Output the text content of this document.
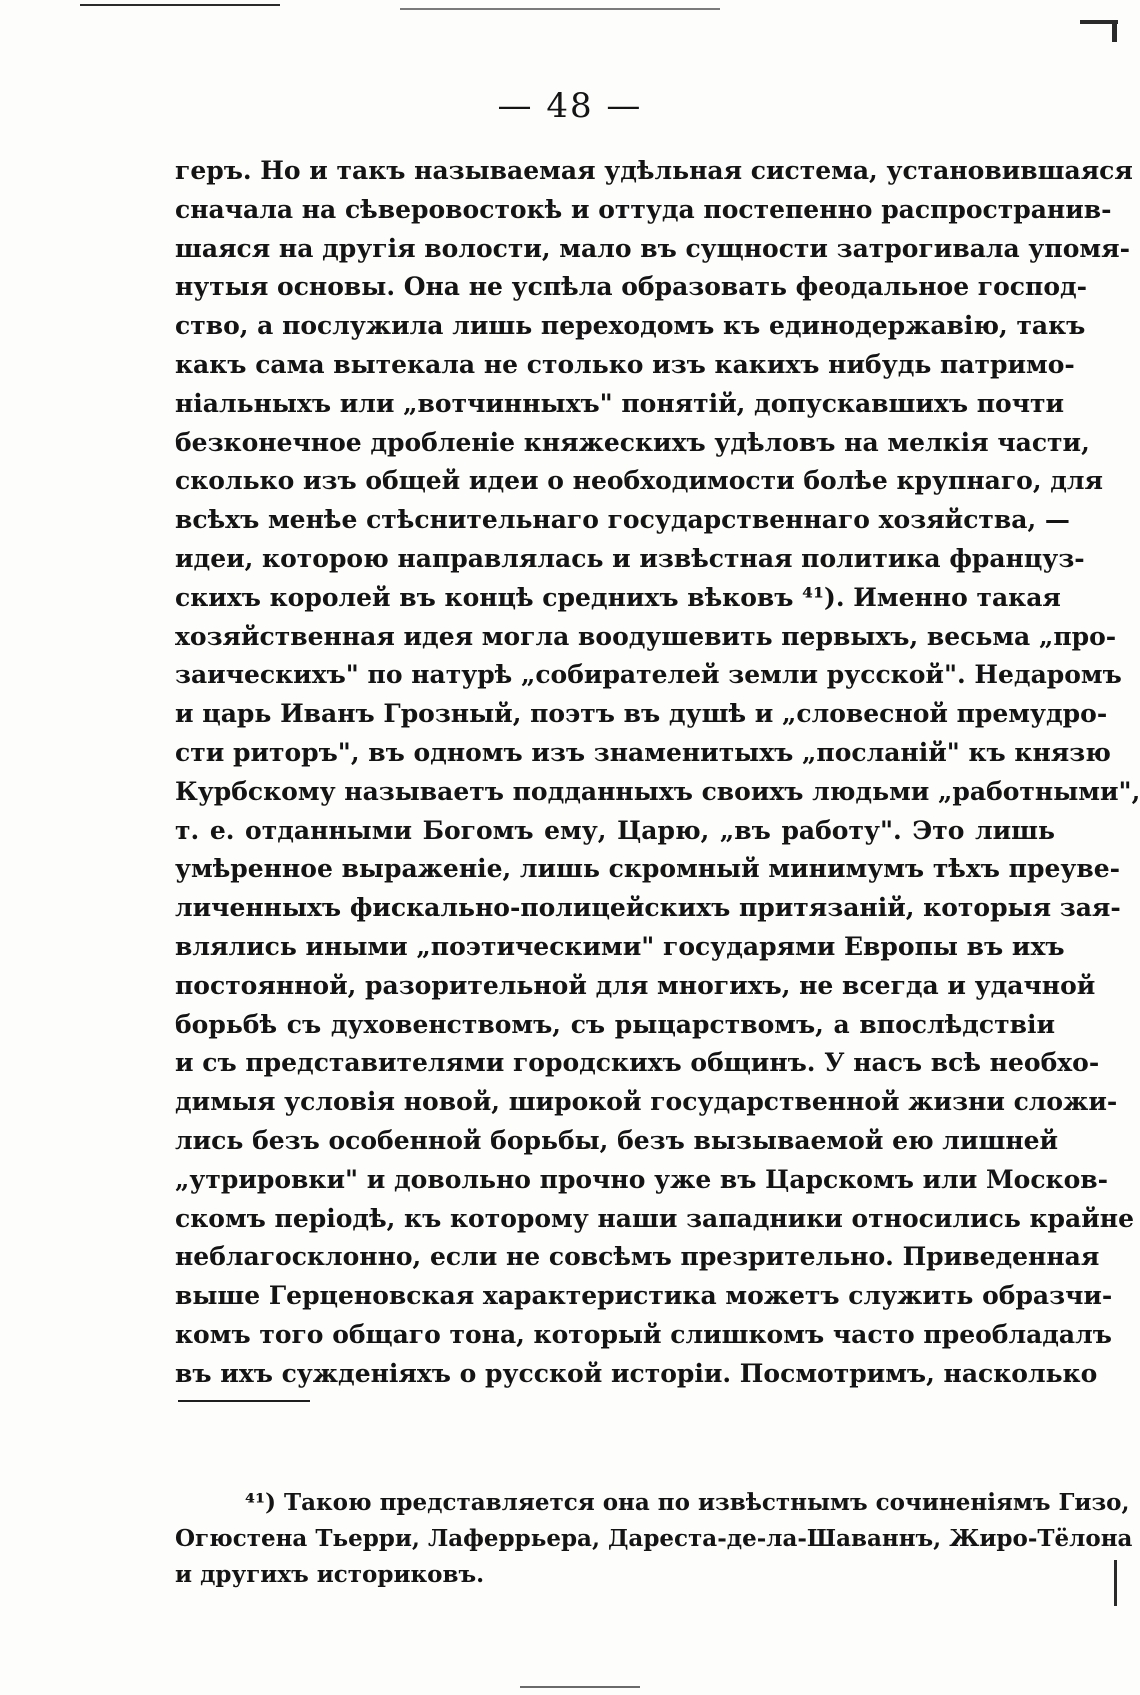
— 48 —
геръ. Но и такъ называемая удѣльная система, установившаяся
сначала на сѣверовостокѣ и оттуда постепенно распространив-
шаяся на другія волости, мало въ сущности затрогивала упомя-
нутыя основы. Она не успѣла образовать феодальное господ-
ство, а послужила лишь переходомъ къ единодержавію, такъ
какъ сама вытекала не столько изъ какихъ нибудь патримо-
ніальныхъ или „вотчинныхъ" понятій, допускавшихъ почти
безконечное дробленіе княжескихъ удѣловъ на мелкія части,
сколько изъ общей идеи о необходимости болѣе крупнаго, для
всѣхъ менѣе стѣснительнаго государственнаго хозяйства, —
идеи, которою направлялась и извѣстная политика француз-
скихъ королей въ концѣ среднихъ вѣковъ ⁴¹). Именно такая
хозяйственная идея могла воодушевить первыхъ, весьма „про-
заическихъ" по натурѣ „собирателей земли русской". Недаромъ
и царь Иванъ Грозный, поэтъ въ душѣ и „словесной премудро-
сти риторъ", въ одномъ изъ знаменитыхъ „посланій" къ князю
Курбскому называетъ подданныхъ своихъ людьми „работными",
т. е. отданными Богомъ ему, Царю, „въ работу". Это лишь
умѣренное выраженіе, лишь скромный минимумъ тѣхъ преуве-
личенныхъ фискально-полицейскихъ притязаній, которыя зая-
влялись иными „поэтическими" государями Европы въ ихъ
постоянной, разорительной для многихъ, не всегда и удачной
борьбѣ съ духовенствомъ, съ рыцарствомъ, а впослѣдствіи
и съ представителями городскихъ общинъ. У насъ всѣ необхо-
димыя условія новой, широкой государственной жизни сложи-
лись безъ особенной борьбы, безъ вызываемой ею лишней
„утрировки" и довольно прочно уже въ Царскомъ или Москов-
скомъ періодѣ, къ которому наши западники относились крайне
неблагосклонно, если не совсѣмъ презрительно. Приведенная
выше Герценовская характеристика можетъ служить образчи-
комъ того общаго тона, который слишкомъ часто преобладалъ
въ ихъ сужденіяхъ о русской исторіи. Посмотримъ, насколько
⁴¹) Такою представляется она по извѣстнымъ сочиненіямъ Гизо,
Огюстена Тьерри, Лаферрьера, Дареста-де-ла-Шаваннъ, Жиро-Тёлона
и другихъ историковъ.
